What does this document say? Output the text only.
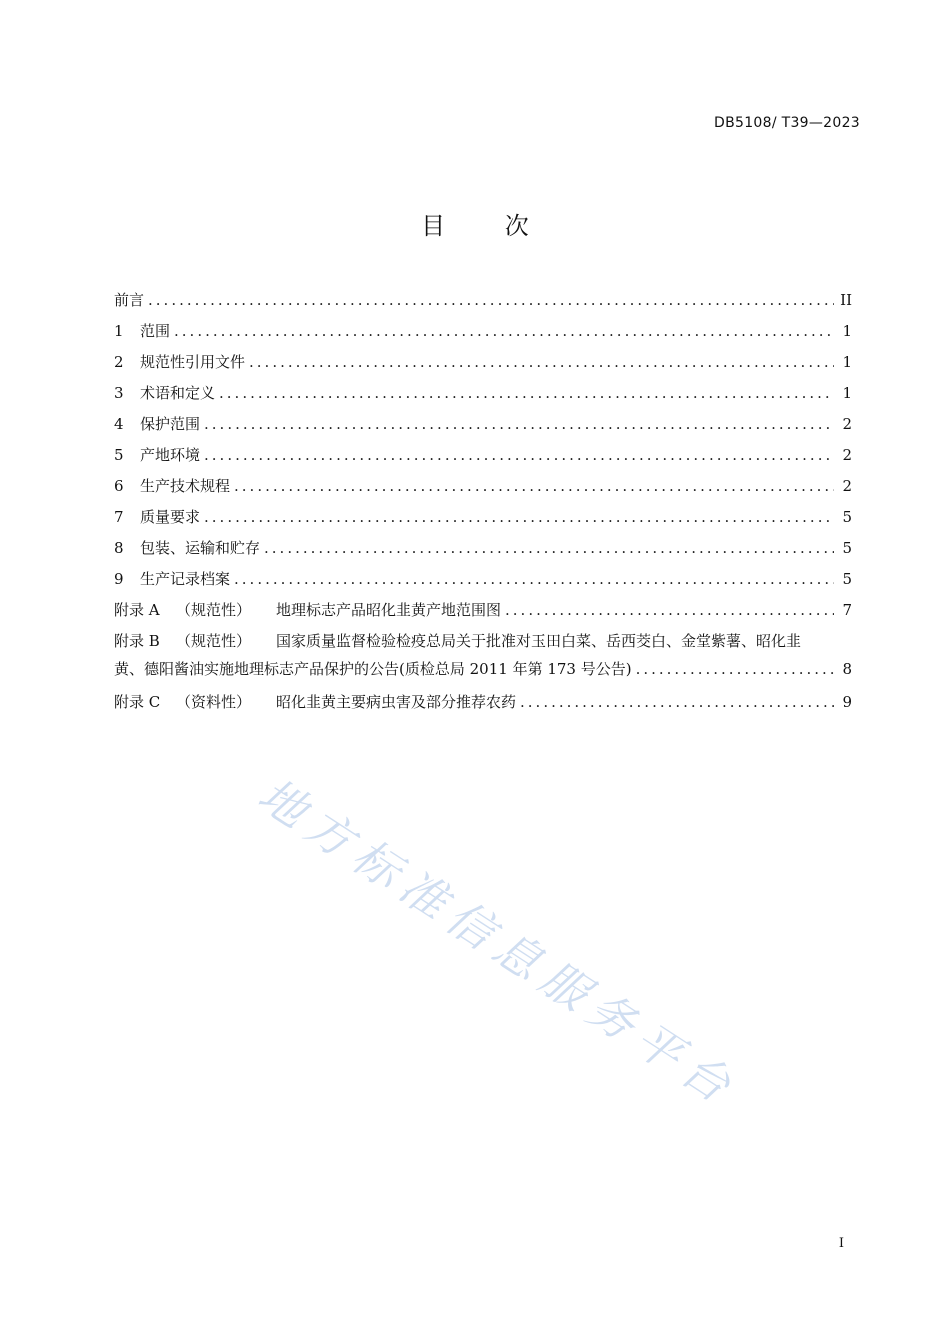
DB5108/ T39—2023
目 次
前言 .....	II
1	范围 .....	1
2	规范性引用文件 .....	1
3	术语和定义 .....	1
4	保护范围 .....	2
5	产地环境 .....	2
6	生产技术规程 .....	2
7	质量要求 .....	5
8	包装、运输和贮存 .....	5
9	生产记录档案 .....	5
附录 A	（规范性）	地理标志产品昭化韭黄产地范围图 .....	7
附录 B	（规范性）	国家质量监督检验检疫总局关于批准对玉田白菜、岳西茭白、金堂紫薯、昭化韭
黄、德阳酱油实施地理标志产品保护的公告(质检总局 2011 年第 173 号公告) .....	8
附录 C	（资料性）	昭化韭黄主要病虫害及部分推荐农药 .....	9
地方标准信息服务平台
I
